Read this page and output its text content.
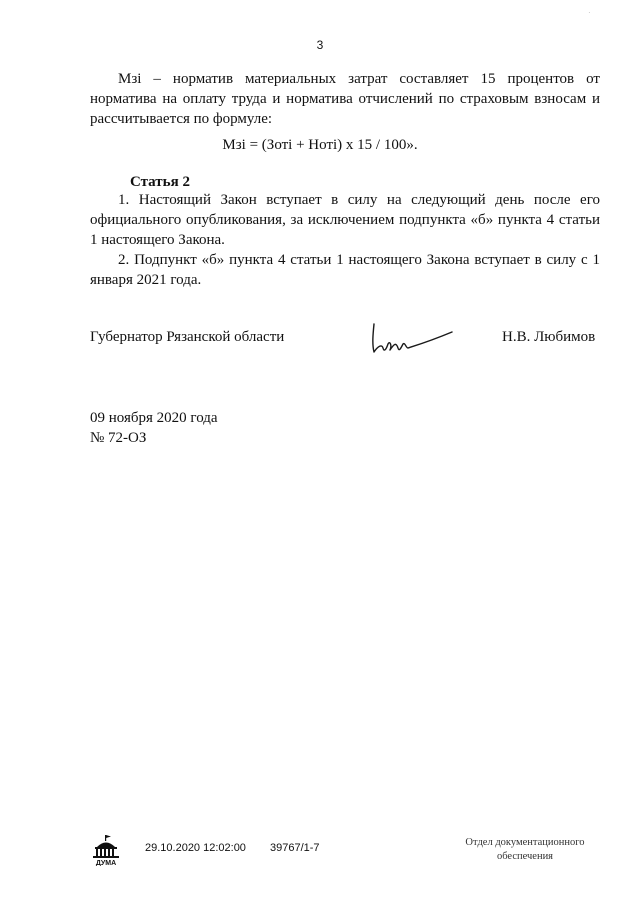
3
·

Мзi – норматив материальных затрат составляет 15 процентов от норматива на оплату труда и норматива отчислений по страховым взносам и рассчитывается по формуле:

Мзi = (Зотi + Нотi) х 15 / 100».
Статья 2

1. Настоящий Закон вступает в силу на следующий день после его официального опубликования, за исключением подпункта «б» пункта 4 статьи 1 настоящего Закона.

2. Подпункт «б» пункта 4 статьи 1 настоящего Закона вступает в силу с 1 января 2021 года.

Губернатор Рязанской области	Н.В. Любимов
09 ноября 2020 года
№ 72-ОЗ
ДУМА
29.10.2020 12:02:00 39767/1-7	Отдел документационного
обеспечения
